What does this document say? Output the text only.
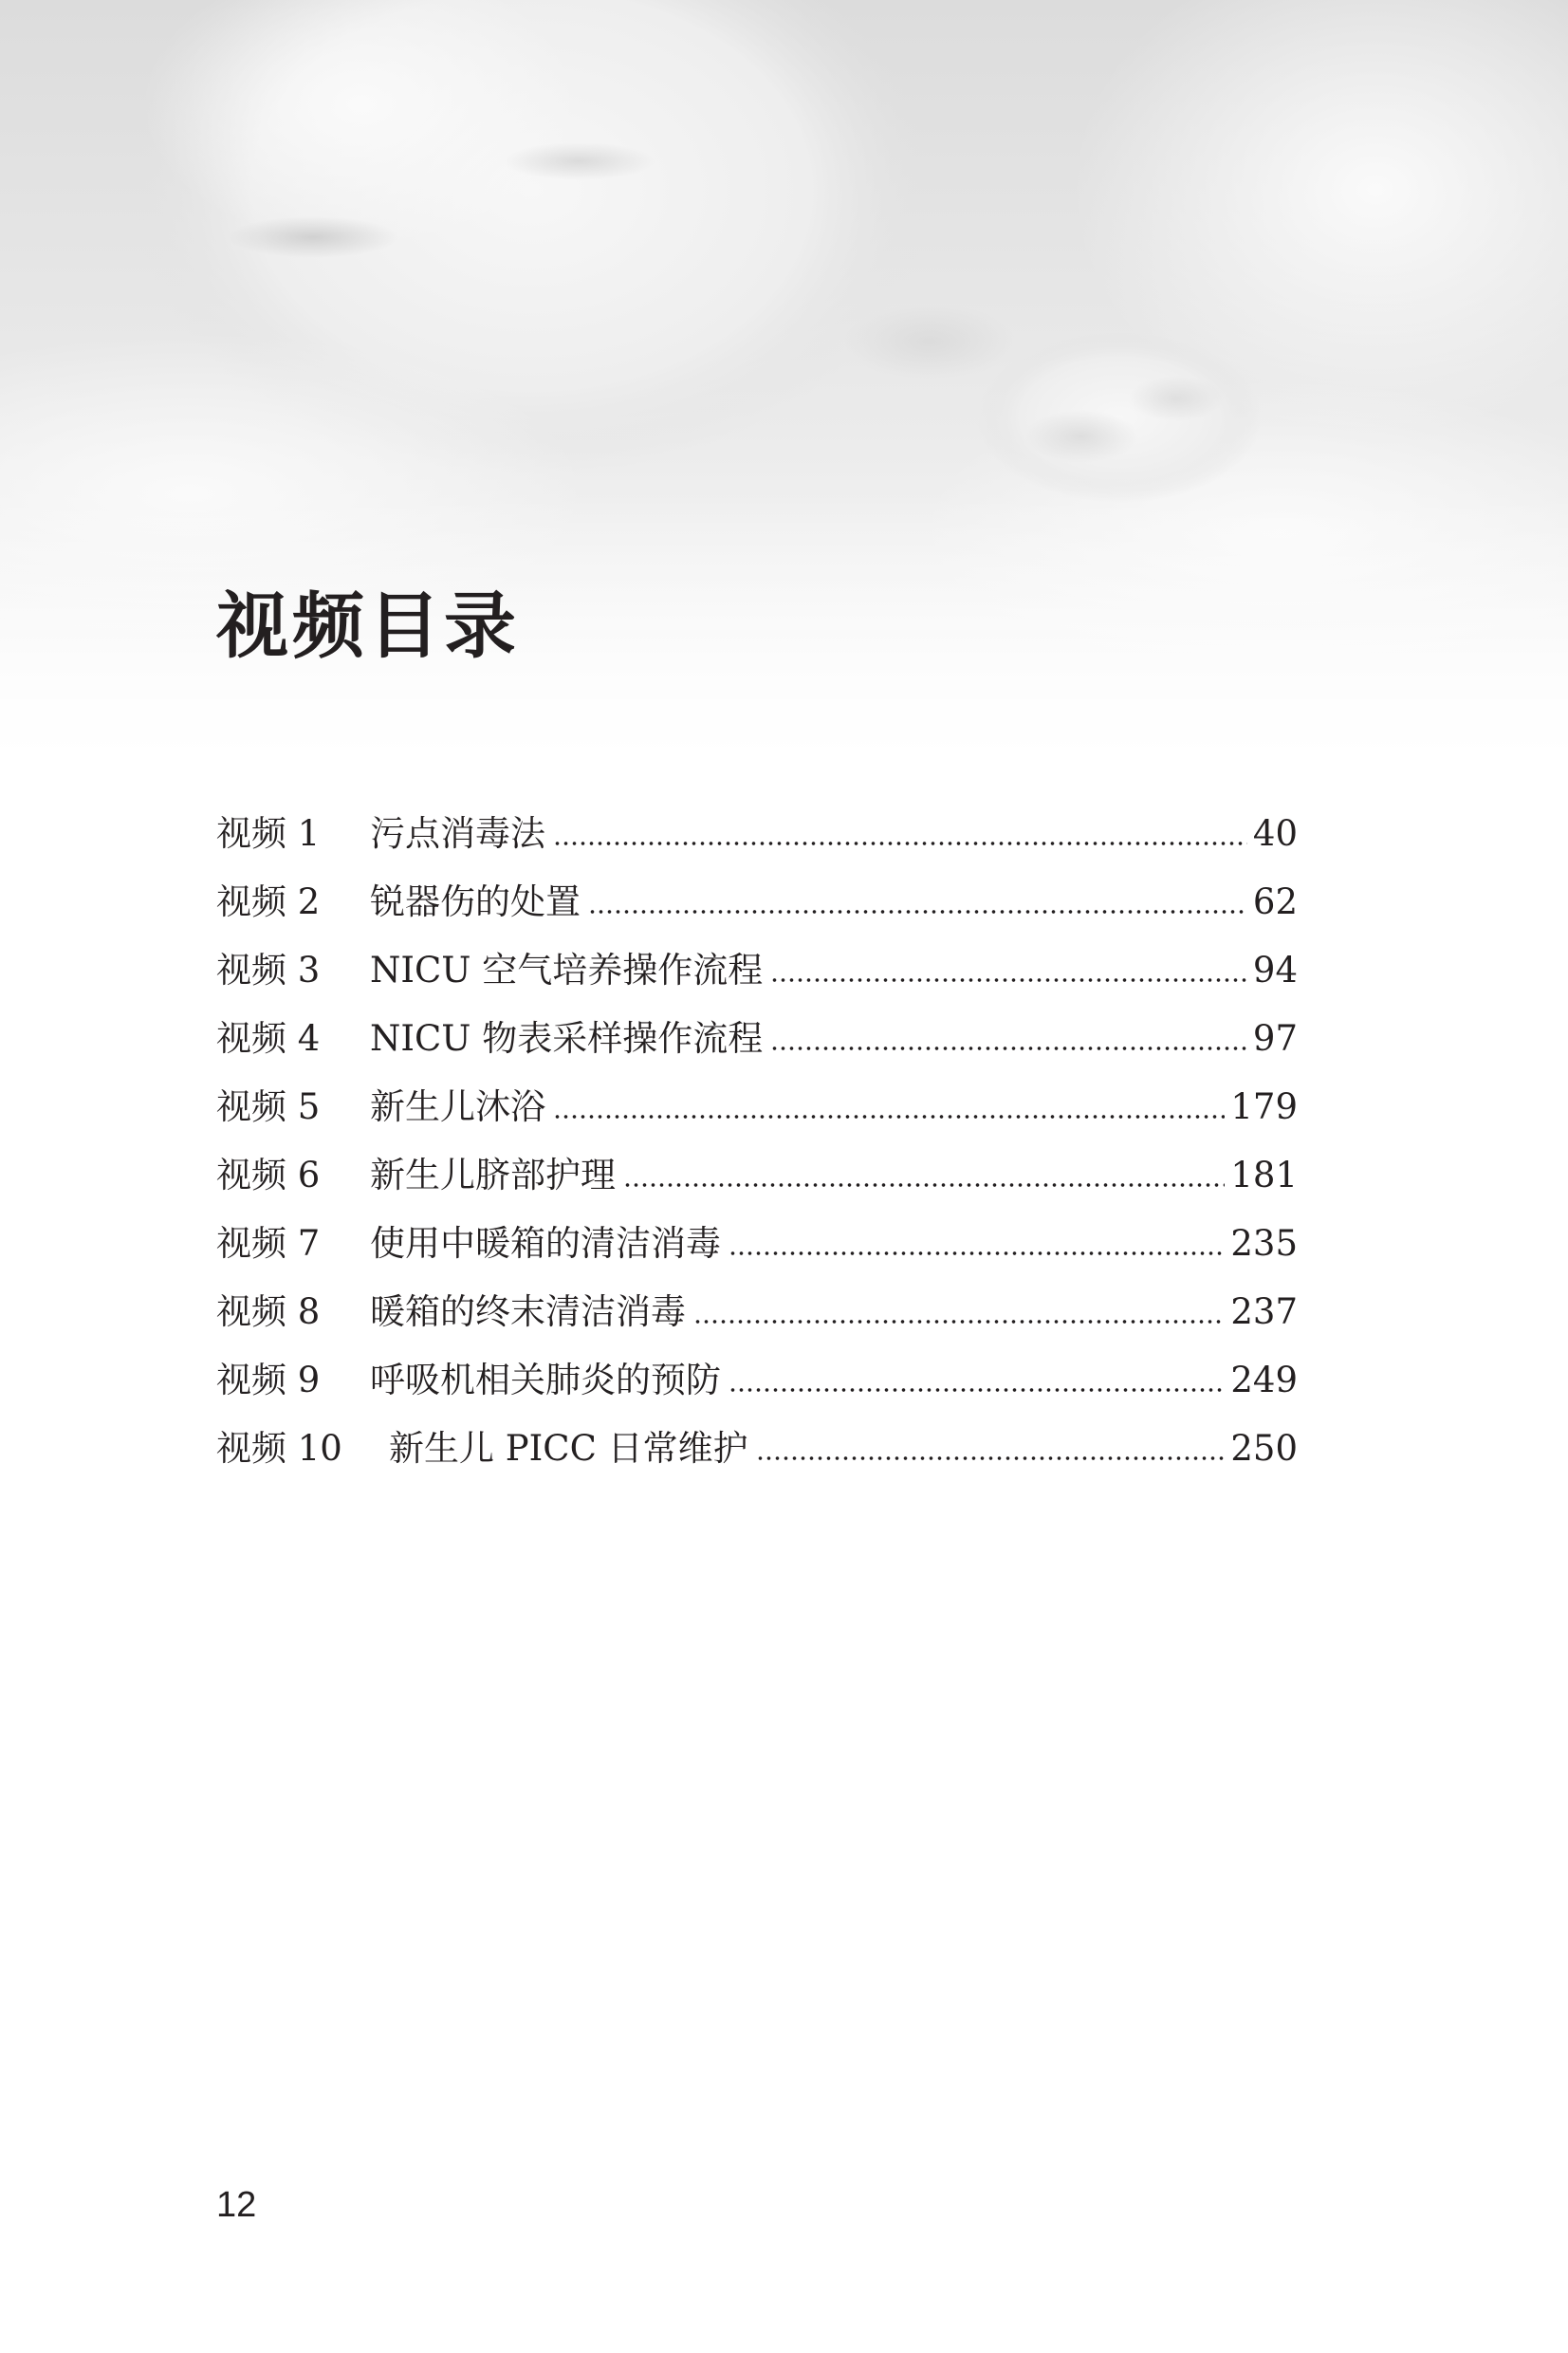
视频目录
视频 1	污点消毒法	40
视频 2	锐器伤的处置	62
视频 3	NICU 空气培养操作流程	94
视频 4	NICU 物表采样操作流程	97
视频 5	新生儿沐浴	179
视频 6	新生儿脐部护理	181
视频 7	使用中暖箱的清洁消毒	235
视频 8	暖箱的终末清洁消毒	237
视频 9	呼吸机相关肺炎的预防	249
视频 10	新生儿 PICC 日常维护	250
12
